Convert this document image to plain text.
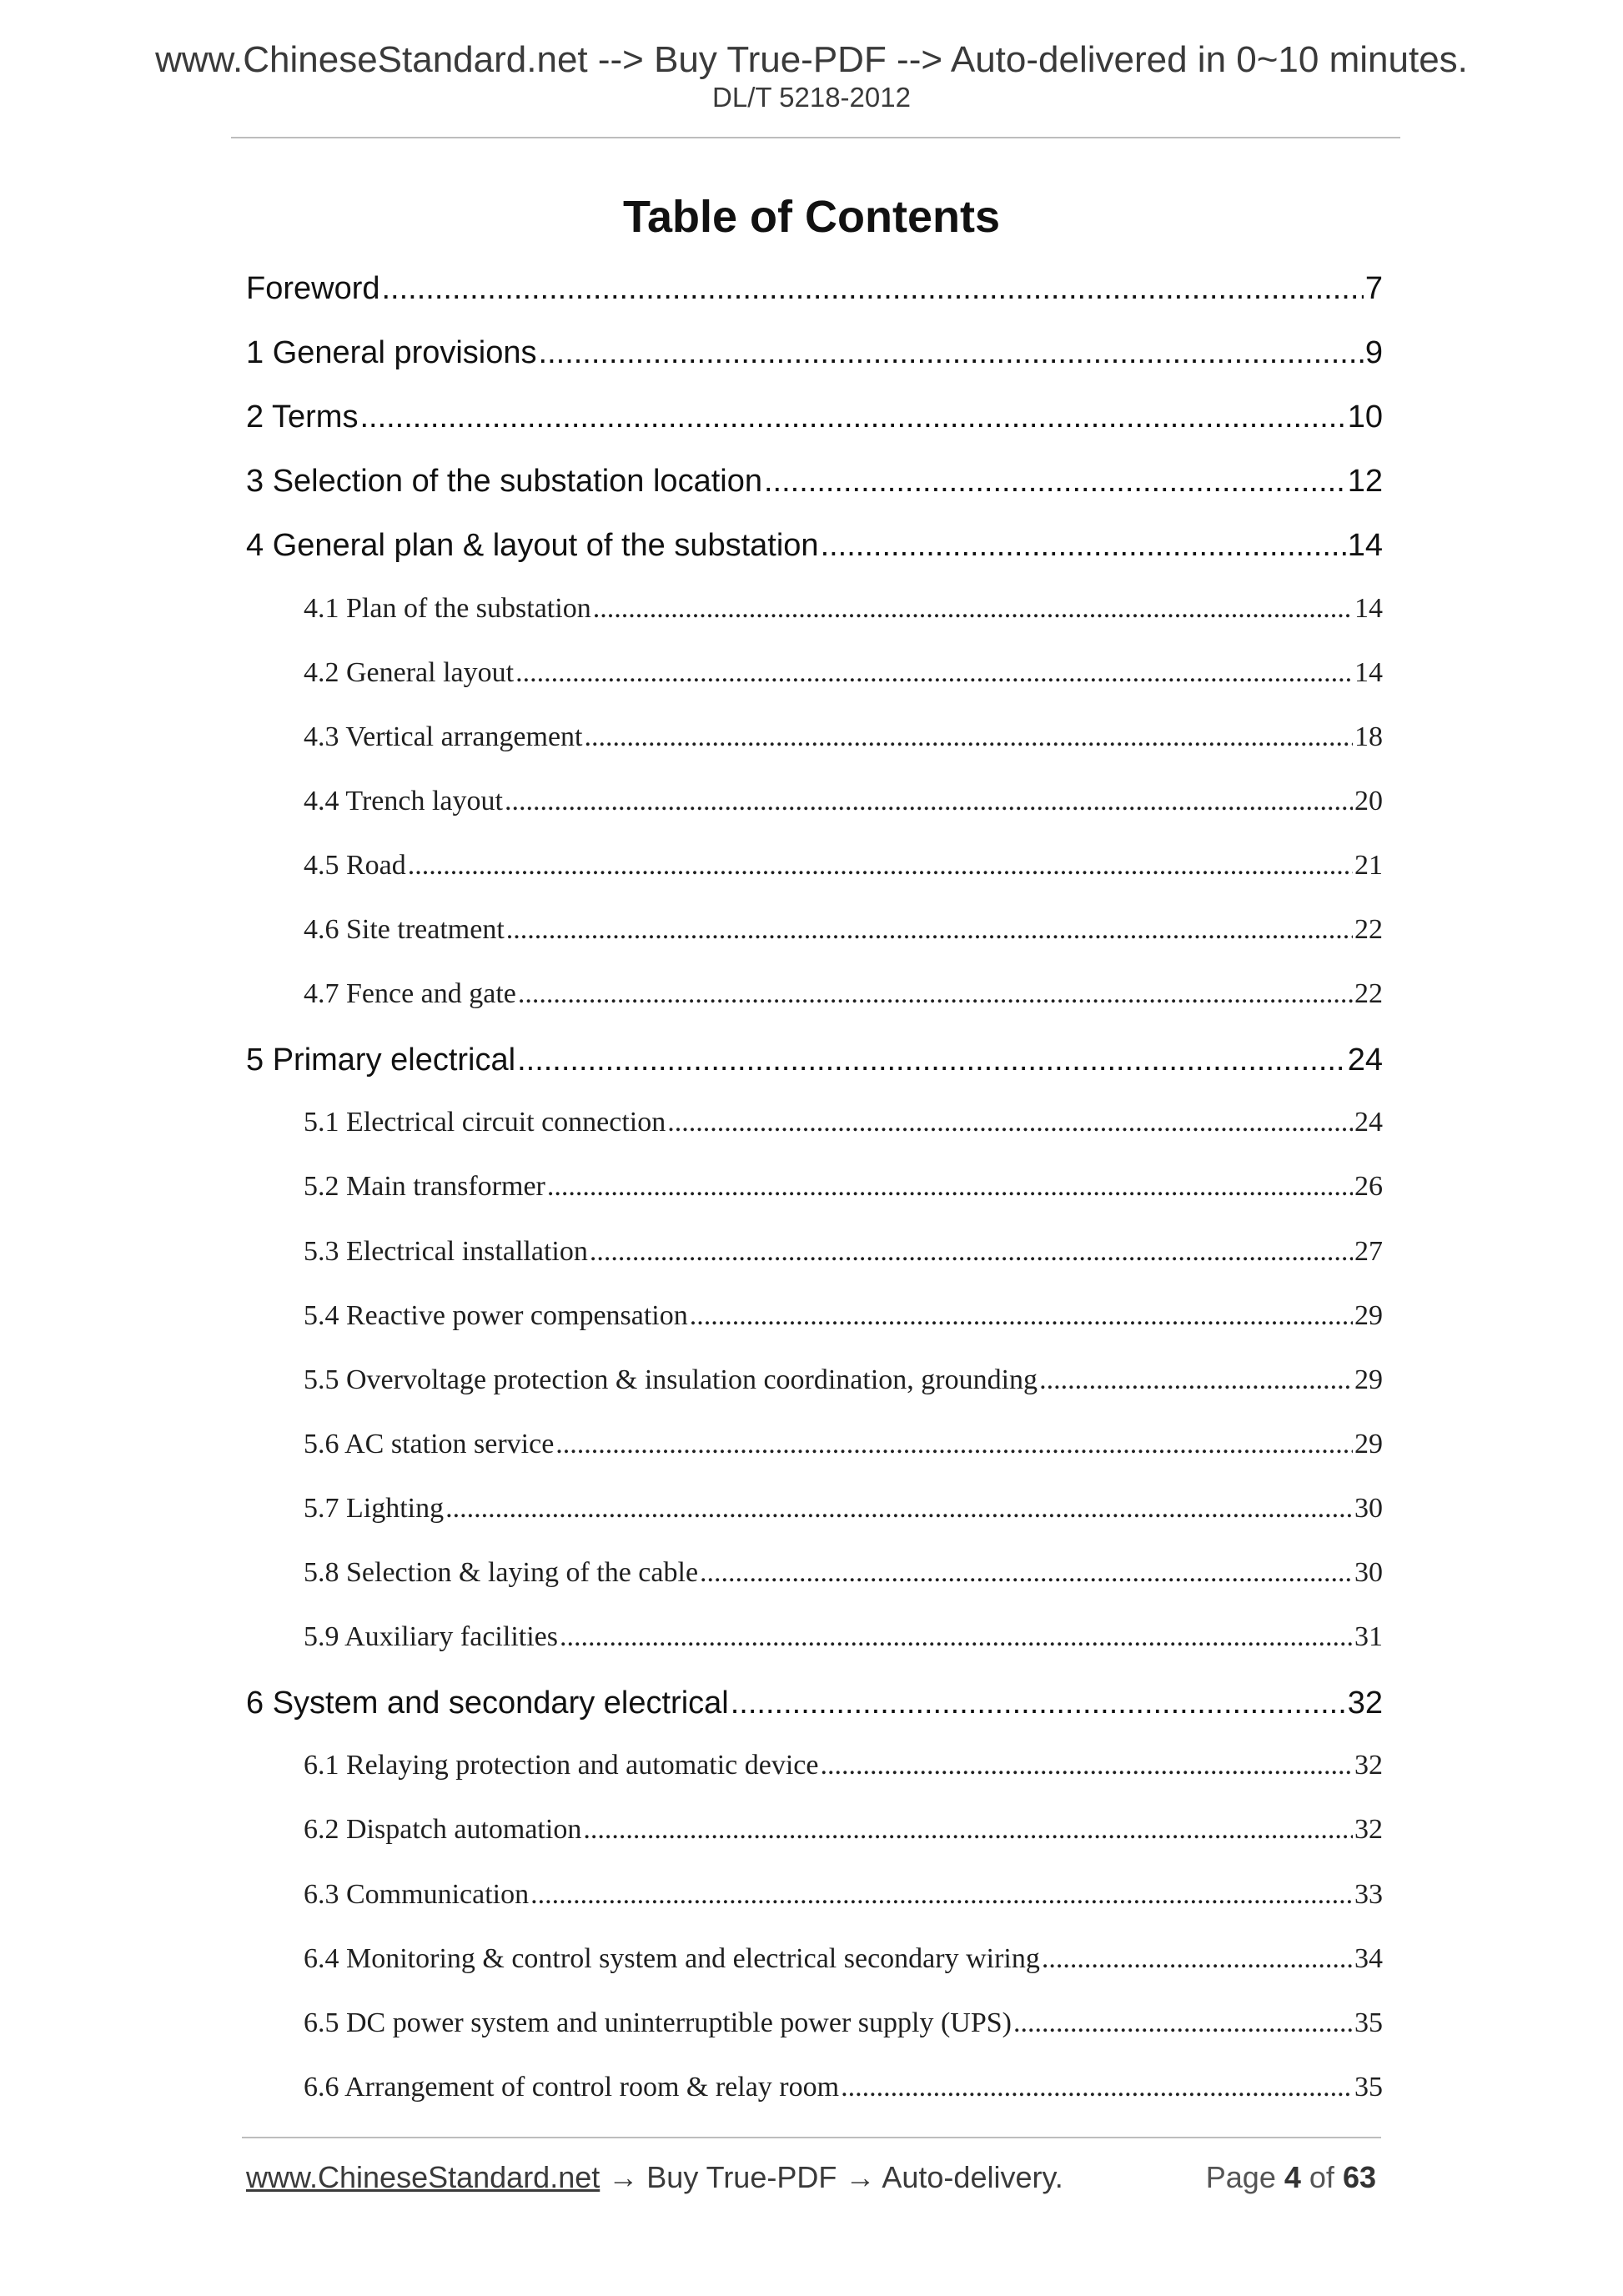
www.ChineseStandard.net --> Buy True-PDF --> Auto-delivered in 0~10 minutes.
DL/T 5218-2012
Table of Contents
Foreword .....	7
1 General provisions .....	9
2 Terms .....	10
3 Selection of the substation location .....	12
4 General plan & layout of the substation .....	14
4.1 Plan of the substation .....	14
4.2 General layout .....	14
4.3 Vertical arrangement .....	18
4.4 Trench layout .....	20
4.5 Road .....	21
4.6 Site treatment .....	22
4.7 Fence and gate .....	22
5 Primary electrical .....	24
5.1 Electrical circuit connection .....	24
5.2 Main transformer .....	26
5.3 Electrical installation .....	27
5.4 Reactive power compensation .....	29
5.5 Overvoltage protection & insulation coordination, grounding .....	29
5.6 AC station service .....	29
5.7 Lighting .....	30
5.8 Selection & laying of the cable .....	30
5.9 Auxiliary facilities .....	31
6 System and secondary electrical .....	32
6.1 Relaying protection and automatic device .....	32
6.2 Dispatch automation .....	32
6.3 Communication .....	33
6.4 Monitoring & control system and electrical secondary wiring .....	34
6.5 DC power system and uninterruptible power supply (UPS) .....	35
6.6 Arrangement of control room & relay room .....	35
www.ChineseStandard.net → Buy True-PDF → Auto-delivery.	Page 4 of 63
